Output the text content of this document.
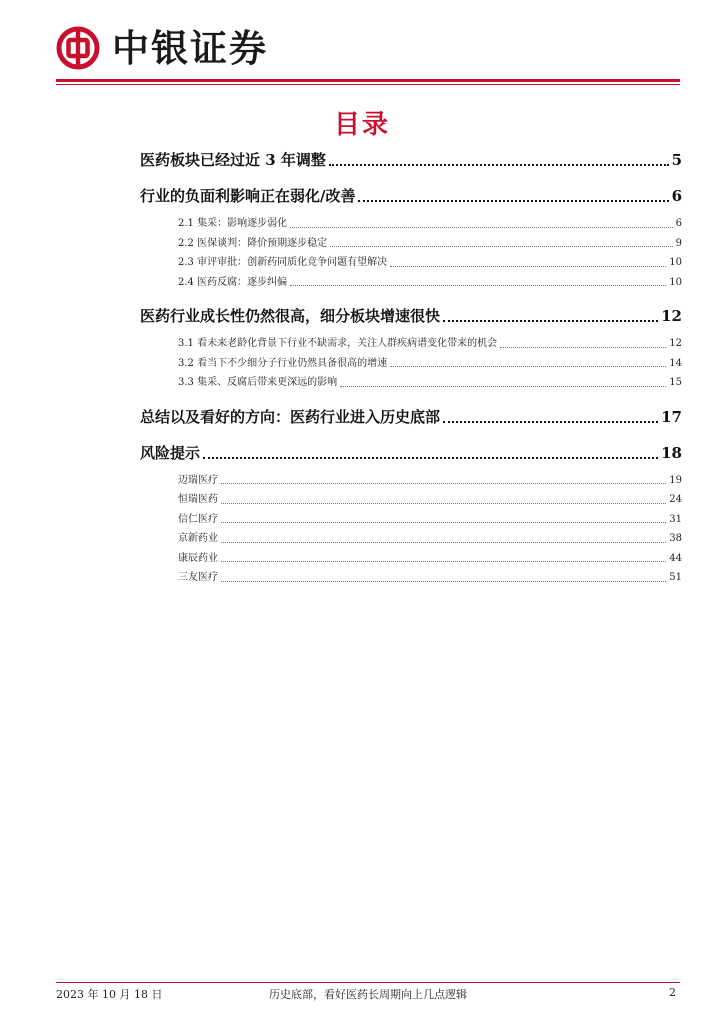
中银证券
目录
医药板块已经过近 3 年调整	5
行业的负面利影响正在弱化/改善	6
2.1 集采：影响逐步弱化	6
2.2 医保谈判：降价预期逐步稳定	9
2.3 审评审批：创新药同质化竞争问题有望解决	10
2.4 医药反腐：逐步纠偏	10
医药行业成长性仍然很高，细分板块增速很快	12
3.1 看未来老龄化背景下行业不缺需求，关注人群疾病谱变化带来的机会	12
3.2 看当下不少细分子行业仍然具备很高的增速	14
3.3 集采、反腐后带来更深远的影响	15
总结以及看好的方向：医药行业进入历史底部	17
风险提示	18
迈瑞医疗	19
恒瑞医药	24
信仁医疗	31
京新药业	38
康辰药业	44
三友医疗	51
2023 年 10 月 18 日	历史底部，看好医药长周期向上几点逻辑	2
